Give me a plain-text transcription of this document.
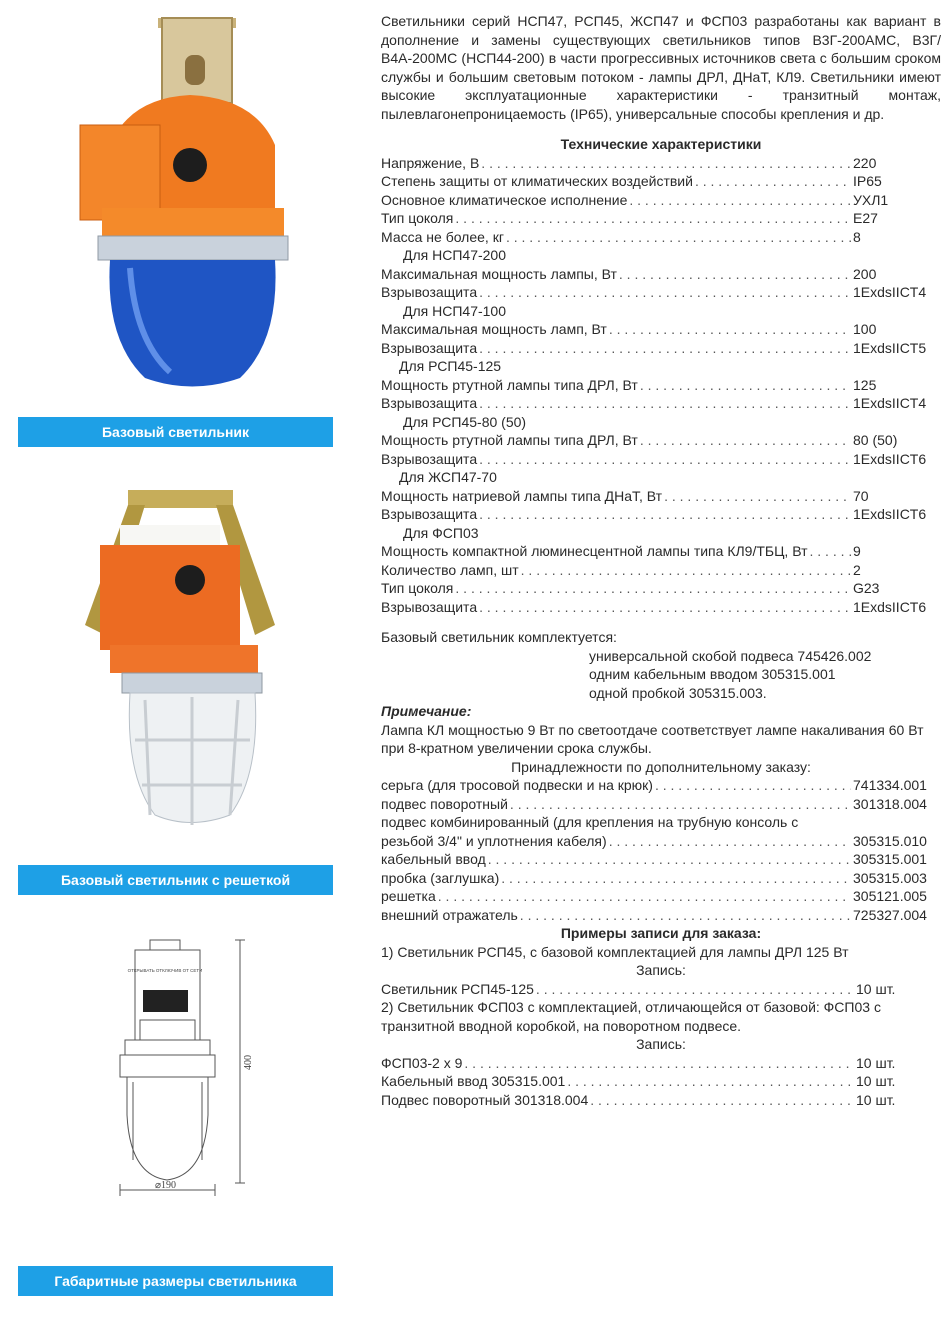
Базовый светильник
Базовый светильник с решеткой
ОТКРЫВАТЬ ОТКЛЮЧИВ ОТ СЕТИ
400
⌀190
Габаритные размеры светильника

Светильники серий НСП47, РСП45, ЖСП47 и ФСП03 разработаны как вариант в дополнение и замены существующих светильников типов В3Г-200АМС, В3Г/В4А-200МС (НСП44-200) в части прогрессивных источников света с большим сроком службы и большим световым потоком - лампы ДРЛ, ДНаТ, КЛ9. Светильники имеют высокие эксплуатационные характеристики - транзитный монтаж, пылевлагонепроницаемость (IP65), универсальные способы крепления и др.

Технические характеристики

Напряжение, В . . .	220
Степень защиты от климатических воздействий . . .	IP65
Основное климатическое исполнение . . .	УХЛ1
Тип цоколя . . .	Е27
Масса не более, кг . . .	8
Для НСП47-200
Максимальная мощность лампы, Вт . . .	200
Взрывозащита . . .	1ExdsIICT4
Для НСП47-100
Максимальная мощность ламп, Вт . . .	100
Взрывозащита . . .	1ExdsIICT5
Для РСП45-125
Мощность ртутной лампы типа ДРЛ, Вт . . .	125
Взрывозащита . . .	1ExdsIICT4
Для РСП45-80 (50)
Мощность ртутной лампы типа ДРЛ, Вт . . .	80 (50)
Взрывозащита . . .	1ExdsIICT6
Для ЖСП47-70
Мощность натриевой лампы типа ДНаТ, Вт . . .	70
Взрывозащита . . .	1ExdsIICT6
Для ФСП03
Мощность компактной люминесцентной лампы типа КЛ9/ТБЦ, Вт . . .	9
Количество ламп, шт . . .	2
Тип цоколя . . .	G23
Взрывозащита . . .	1ExdsIICT6
Базовый светильник комплектуется:
универсальной скобой подвеса 745426.002
одним кабельным вводом 305315.001
одной пробкой 305315.003.
Примечание:
Лампа КЛ мощностью 9 Вт по светоотдаче соответствует лампе накаливания 60 Вт при 8-кратном увеличении срока службы.
Принадлежности по дополнительному заказу:
серьга (для тросовой подвески и на крюк) . . .	741334.001
подвес поворотный . . .	301318.004
подвес комбинированный (для крепления на трубную консоль с
резьбой 3/4" и уплотнения кабеля) . . .	305315.010
кабельный ввод . . .	305315.001
пробка (заглушка) . . .	305315.003
решетка . . .	305121.005
внешний отражатель . . .	725327.004

Примеры записи для заказа:

1) Светильник РСП45, с базовой комплектацией для лампы ДРЛ 125 Вт
Запись:
Светильник РСП45-125 . . .	10 шт.
2) Светильник ФСП03 с комплектацией, отличающейся от базовой: ФСП03 с транзитной вводной коробкой, на поворотном подвесе.
Запись:
ФСП03-2 х 9 . . .	10 шт.
Кабельный ввод 305315.001 . . .	10 шт.
Подвес поворотный 301318.004 . . .	10 шт.
